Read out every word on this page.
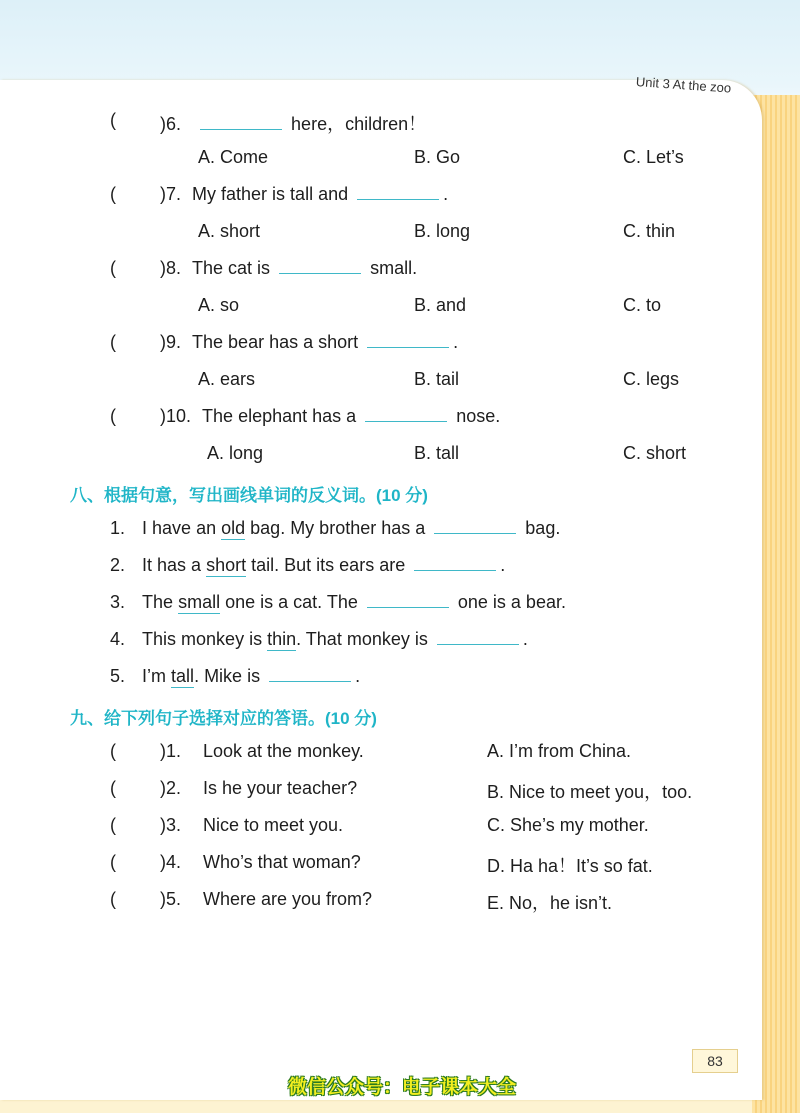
Unit 3 At the zoo
( )6.	here，children！
A. Come	B. Go	C. Let’s
( )7. My father is tall and	.
A. short	B. long	C. thin
( )8. The cat is	small.
A. so	B. and	C. to
( )9. The bear has a short	.
A. ears	B. tail	C. legs
( )10. The elephant has a	nose.
A. long	B. tall	C. short
八、根据句意，写出画线单词的反义词。(10 分)
1. I have an old bag. My brother has a	bag.
2. It has a short tail. But its ears are	.
3. The small one is a cat. The	one is a bear.
4. This monkey is thin. That monkey is	.
5. I’m tall. Mike is	.
九、给下列句子选择对应的答语。(10 分)
( )1. Look at the monkey.	A. I’m from China.
( )2. Is he your teacher?	B. Nice to meet you，too.
( )3. Nice to meet you.	C. She’s my mother.
( )4. Who’s that woman?	D. Ha ha！It’s so fat.
( )5. Where are you from?	E. No，he isn’t.
83
微信公众号：电子课本大全
